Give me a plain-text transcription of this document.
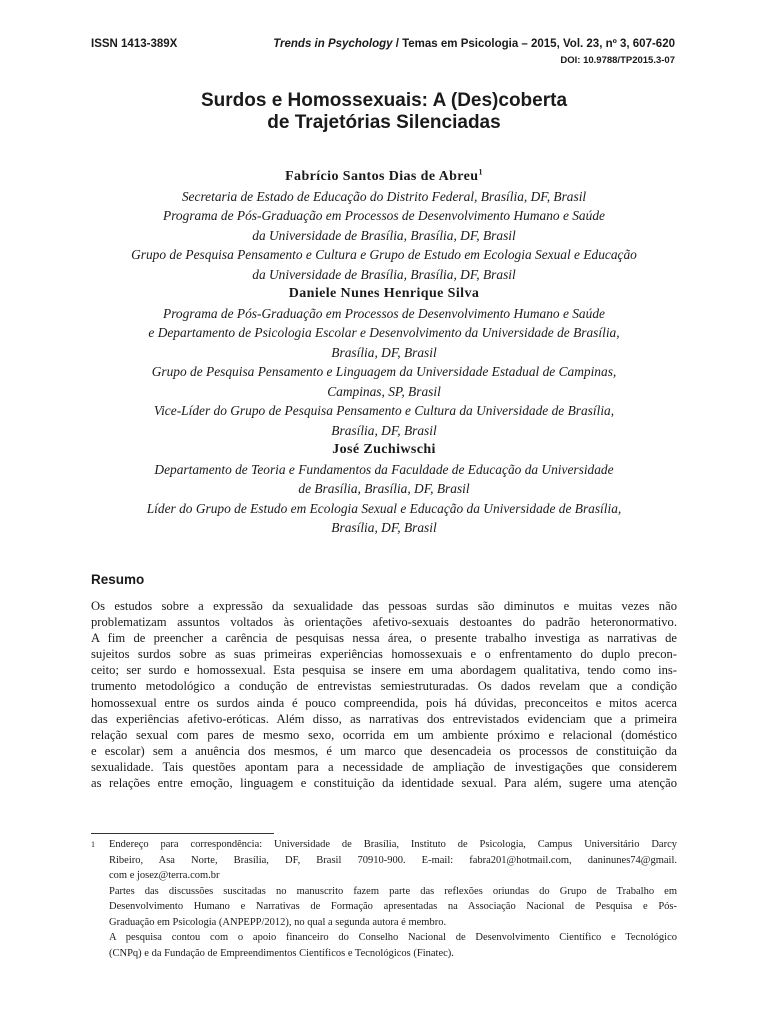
ISSN 1413-389X	Trends in Psychology / Temas em Psicologia – 2015, Vol. 23, nº 3, 607-620
DOI: 10.9788/TP2015.3-07
Surdos e Homossexuais: A (Des)coberta
de Trajetórias Silenciadas
Fabrício Santos Dias de Abreu$^1$
Secretaria de Estado de Educação do Distrito Federal, Brasília, DF, Brasil
Programa de Pós-Graduação em Processos de Desenvolvimento Humano e Saúde
da Universidade de Brasília, Brasília, DF, Brasil
Grupo de Pesquisa Pensamento e Cultura e Grupo de Estudo em Ecologia Sexual e Educação
da Universidade de Brasília, Brasília, DF, Brasil
Daniele Nunes Henrique Silva
Programa de Pós-Graduação em Processos de Desenvolvimento Humano e Saúde
e Departamento de Psicologia Escolar e Desenvolvimento da Universidade de Brasília,
Brasília, DF, Brasil
Grupo de Pesquisa Pensamento e Linguagem da Universidade Estadual de Campinas,
Campinas, SP, Brasil
Vice-Líder do Grupo de Pesquisa Pensamento e Cultura da Universidade de Brasília,
Brasília, DF, Brasil
José Zuchiwschi
Departamento de Teoria e Fundamentos da Faculdade de Educação da Universidade
de Brasília, Brasília, DF, Brasil
Líder do Grupo de Estudo em Ecologia Sexual e Educação da Universidade de Brasília,
Brasília, DF, Brasil
Resumo
Os estudos sobre a expressão da sexualidade das pessoas surdas são diminutos e muitas vezes não
problematizam assuntos voltados às orientações afetivo-sexuais destoantes do padrão heteronormativo.
A fim de preencher a carência de pesquisas nessa área, o presente trabalho investiga as narrativas de
sujeitos surdos sobre as suas primeiras experiências homossexuais e o enfrentamento do duplo precon-
ceito; ser surdo e homossexual. Esta pesquisa se insere em uma abordagem qualitativa, tendo como ins-
trumento metodológico a condução de entrevistas semiestruturadas. Os dados revelam que a condição
homossexual entre os surdos ainda é pouco compreendida, pois há dúvidas, preconceitos e mitos acerca
das experiências afetivo-eróticas. Além disso, as narrativas dos entrevistados evidenciam que a primeira
relação sexual com pares de mesmo sexo, ocorrida em um ambiente próximo e relacional (doméstico
e escolar) sem a anuência dos mesmos, é um marco que desencadeia os processos de constituição da
sexualidade. Tais questões apontam para a necessidade de ampliação de investigações que considerem
as relações entre emoção, linguagem e constituição da identidade sexual. Para além, sugere uma atenção
1 Endereço para correspondência: Universidade de Brasília, Instituto de Psicologia, Campus Universitário Darcy
Ribeiro, Asa Norte, Brasília, DF, Brasil 70910-900. E-mail: fabra201@hotmail.com, daninunes74@gmail.
com e josez@terra.com.br
Partes das discussões suscitadas no manuscrito fazem parte das reflexões oriundas do Grupo de Trabalho em
Desenvolvimento Humano e Narrativas de Formação apresentadas na Associação Nacional de Pesquisa e Pós-
Graduação em Psicologia (ANPEPP/2012), no qual a segunda autora é membro.
A pesquisa contou com o apoio financeiro do Conselho Nacional de Desenvolvimento Científico e Tecnológico
(CNPq) e da Fundação de Empreendimentos Científicos e Tecnológicos (Finatec).
